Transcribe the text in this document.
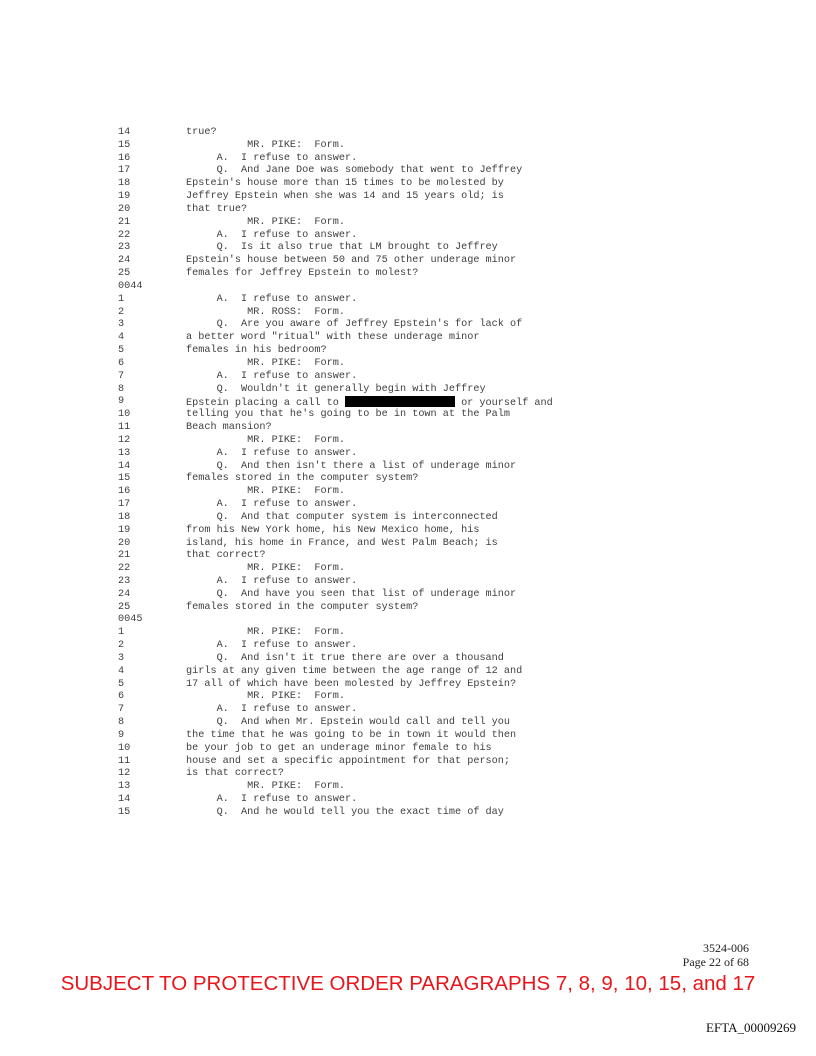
14	true?
15	MR. PIKE:  Form.
16	A.  I refuse to answer.
17	Q.  And Jane Doe was somebody that went to Jeffrey
18	Epstein's house more than 15 times to be molested by
19	Jeffrey Epstein when she was 14 and 15 years old; is
20	that true?
21	MR. PIKE:  Form.
22	A.  I refuse to answer.
23	Q.  Is it also true that LM brought to Jeffrey
24	Epstein's house between 50 and 75 other underage minor
25	females for Jeffrey Epstein to molest?
0044
1	A.  I refuse to answer.
2	MR. ROSS:  Form.
3	Q.  Are you aware of Jeffrey Epstein's for lack of
4	a better word "ritual" with these underage minor
5	females in his bedroom?
6	MR. PIKE:  Form.
7	A.  I refuse to answer.
8	Q.  Wouldn't it generally begin with Jeffrey
9	Epstein placing a call to	or yourself and
10	telling you that he's going to be in town at the Palm
11	Beach mansion?
12	MR. PIKE:  Form.
13	A.  I refuse to answer.
14	Q.  And then isn't there a list of underage minor
15	females stored in the computer system?
16	MR. PIKE:  Form.
17	A.  I refuse to answer.
18	Q.  And that computer system is interconnected
19	from his New York home, his New Mexico home, his
20	island, his home in France, and West Palm Beach; is
21	that correct?
22	MR. PIKE:  Form.
23	A.  I refuse to answer.
24	Q.  And have you seen that list of underage minor
25	females stored in the computer system?
0045
1	MR. PIKE:  Form.
2	A.  I refuse to answer.
3	Q.  And isn't it true there are over a thousand
4	girls at any given time between the age range of 12 and
5	17 all of which have been molested by Jeffrey Epstein?
6	MR. PIKE:  Form.
7	A.  I refuse to answer.
8	Q.  And when Mr. Epstein would call and tell you
9	the time that he was going to be in town it would then
10	be your job to get an underage minor female to his
11	house and set a specific appointment for that person;
12	is that correct?
13	MR. PIKE:  Form.
14	A.  I refuse to answer.
15	Q.  And he would tell you the exact time of day
3524-006
Page 22 of 68
SUBJECT TO PROTECTIVE ORDER PARAGRAPHS 7, 8, 9, 10, 15, and 17
EFTA_00009269
